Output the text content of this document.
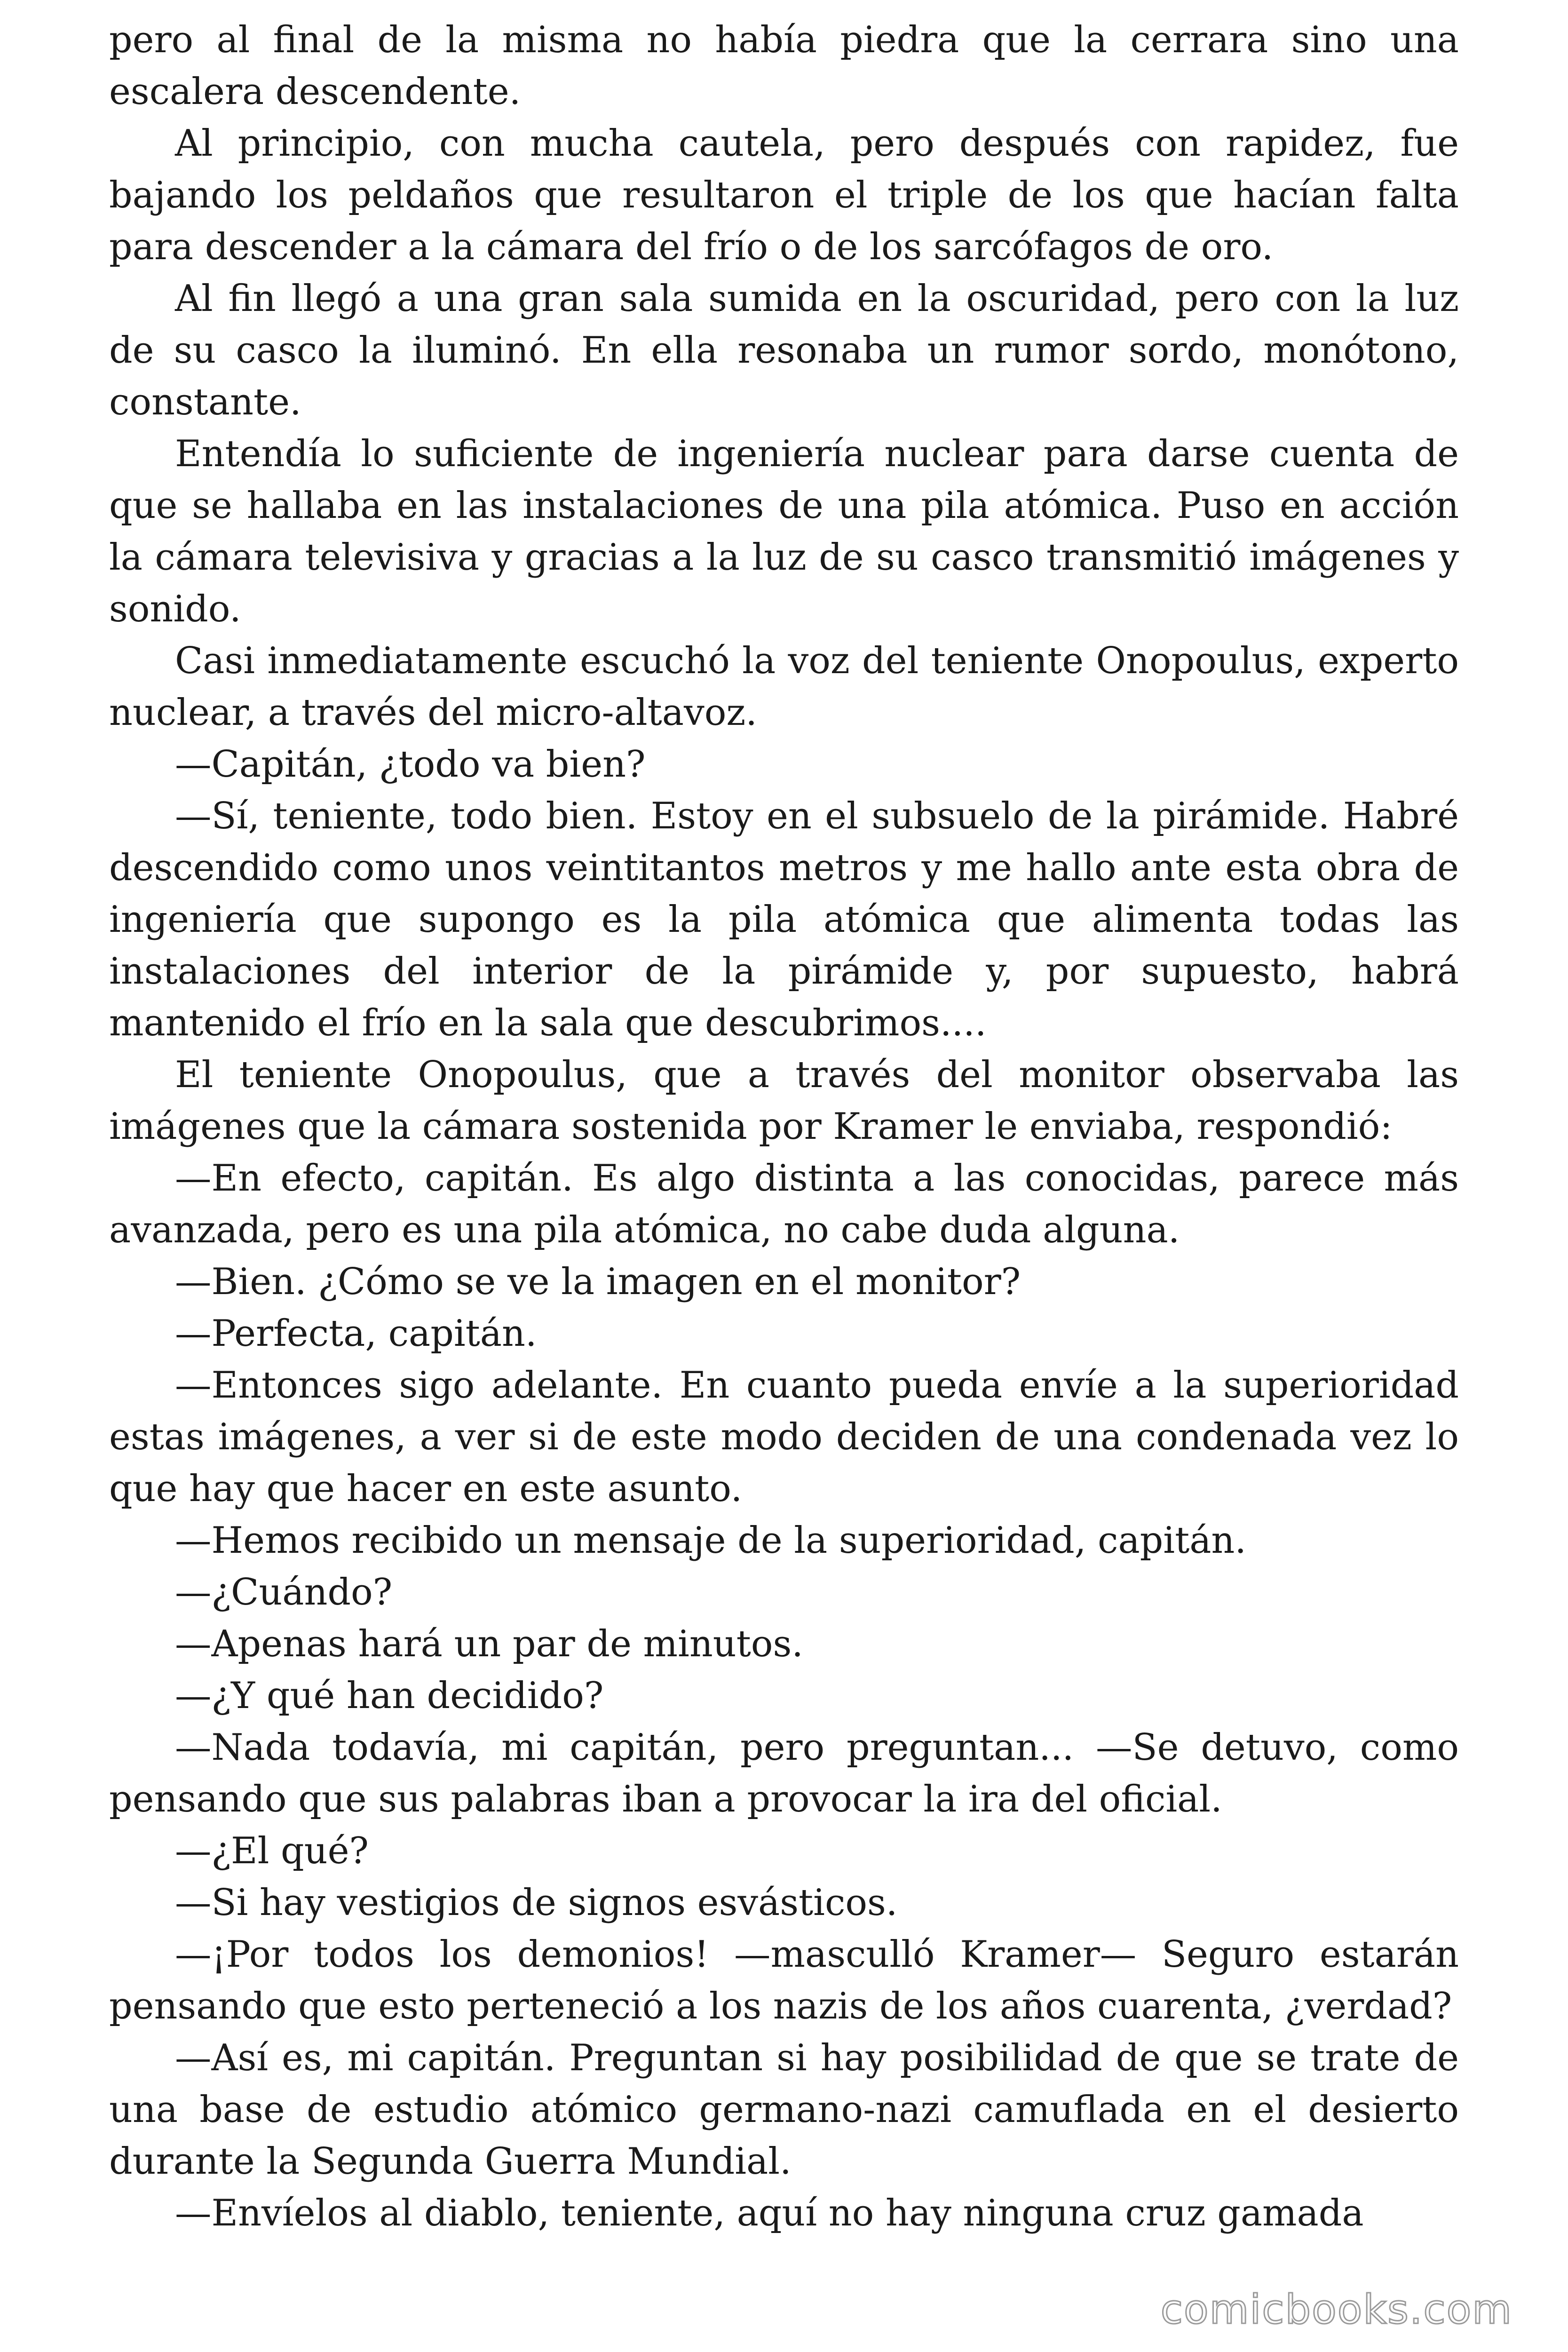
pero al final de la misma no había piedra que la cerrara sino una escalera descendente.

Al principio, con mucha cautela, pero después con rapidez, fue bajando los peldaños que resultaron el triple de los que hacían falta para descender a la cámara del frío o de los sarcófagos de oro.

Al fin llegó a una gran sala sumida en la oscuridad, pero con la luz de su casco la iluminó. En ella resonaba un rumor sordo, monótono, constante.

Entendía lo suficiente de ingeniería nuclear para darse cuenta de que se hallaba en las instalaciones de una pila atómica. Puso en acción la cámara televisiva y gracias a la luz de su casco transmitió imágenes y sonido.

Casi inmediatamente escuchó la voz del teniente Onopoulus, experto nuclear, a través del micro-altavoz.

—Capitán, ¿todo va bien?

—Sí, teniente, todo bien. Estoy en el subsuelo de la pirámide. Habré descendido como unos veintitantos metros y me hallo ante esta obra de ingeniería que supongo es la pila atómica que alimenta todas las instalaciones del interior de la pirámide y, por supuesto, habrá mantenido el frío en la sala que descubrimos....

El teniente Onopoulus, que a través del monitor observaba las imágenes que la cámara sostenida por Kramer le enviaba, respondió:

—En efecto, capitán. Es algo distinta a las conocidas, parece más avanzada, pero es una pila atómica, no cabe duda alguna.

—Bien. ¿Cómo se ve la imagen en el monitor?

—Perfecta, capitán.

—Entonces sigo adelante. En cuanto pueda envíe a la superioridad estas imágenes, a ver si de este modo deciden de una condenada vez lo que hay que hacer en este asunto.

—Hemos recibido un mensaje de la superioridad, capitán.

—¿Cuándo?

—Apenas hará un par de minutos.

—¿Y qué han decidido?

—Nada todavía, mi capitán, pero preguntan... —Se detuvo, como pensando que sus palabras iban a provocar la ira del oficial.

—¿El qué?

—Si hay vestigios de signos esvásticos.

—¡Por todos los demonios! —masculló Kramer— Seguro estarán pensando que esto perteneció a los nazis de los años cuarenta, ¿verdad?

—Así es, mi capitán. Preguntan si hay posibilidad de que se trate de una base de estudio atómico germano-nazi camuflada en el desierto durante la Segunda Guerra Mundial.

—Envíelos al diablo, teniente, aquí no hay ninguna cruz gamada

comicbooks.com
